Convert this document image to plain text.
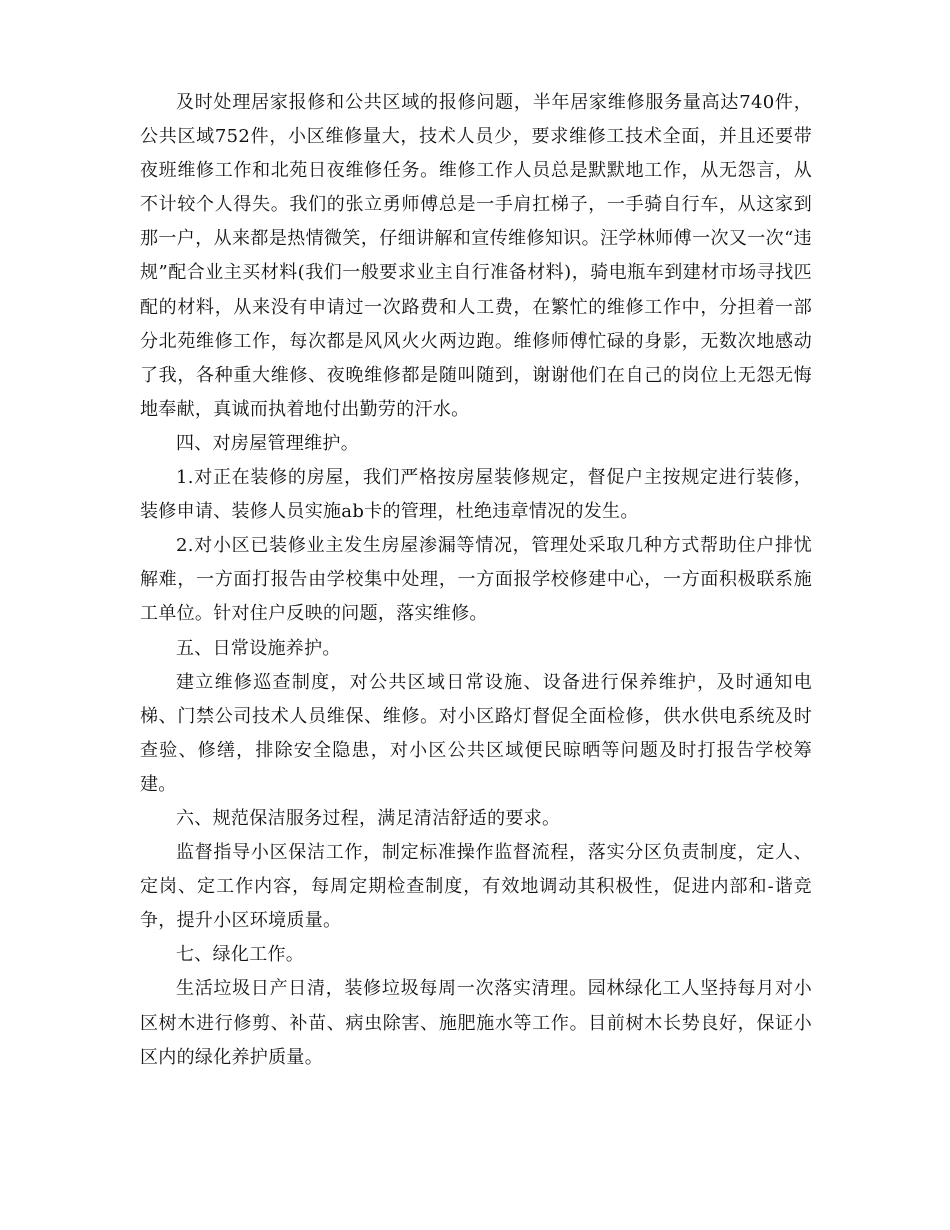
及时处理居家报修和公共区域的报修问题，半年居家维修服务量高达740件，公共区域752件，小区维修量大，技术人员少，要求维修工技术全面，并且还要带夜班维修工作和北苑日夜维修任务。维修工作人员总是默默地工作，从无怨言，从不计较个人得失。我们的张立勇师傅总是一手肩扛梯子，一手骑自行车，从这家到那一户，从来都是热情微笑，仔细讲解和宣传维修知识。汪学林师傅一次又一次“违规”配合业主买材料(我们一般要求业主自行准备材料)，骑电瓶车到建材市场寻找匹配的材料，从来没有申请过一次路费和人工费，在繁忙的维修工作中，分担着一部分北苑维修工作，每次都是风风火火两边跑。维修师傅忙碌的身影，无数次地感动了我，各种重大维修、夜晚维修都是随叫随到，谢谢他们在自己的岗位上无怨无悔地奉献，真诚而执着地付出勤劳的汗水。

四、对房屋管理维护。

1.对正在装修的房屋，我们严格按房屋装修规定，督促户主按规定进行装修，装修申请、装修人员实施ab卡的管理，杜绝违章情况的发生。

2.对小区已装修业主发生房屋渗漏等情况，管理处采取几种方式帮助住户排忧解难，一方面打报告由学校集中处理，一方面报学校修建中心，一方面积极联系施工单位。针对住户反映的问题，落实维修。

五、日常设施养护。

建立维修巡查制度，对公共区域日常设施、设备进行保养维护，及时通知电梯、门禁公司技术人员维保、维修。对小区路灯督促全面检修，供水供电系统及时查验、修缮，排除安全隐患，对小区公共区域便民晾晒等问题及时打报告学校筹建。

六、规范保洁服务过程，满足清洁舒适的要求。

监督指导小区保洁工作，制定标准操作监督流程，落实分区负责制度，定人、定岗、定工作内容，每周定期检查制度，有效地调动其积极性，促进内部和-谐竞争，提升小区环境质量。

七、绿化工作。

生活垃圾日产日清，装修垃圾每周一次落实清理。园林绿化工人坚持每月对小区树木进行修剪、补苗、病虫除害、施肥施水等工作。目前树木长势良好，保证小区内的绿化养护质量。
